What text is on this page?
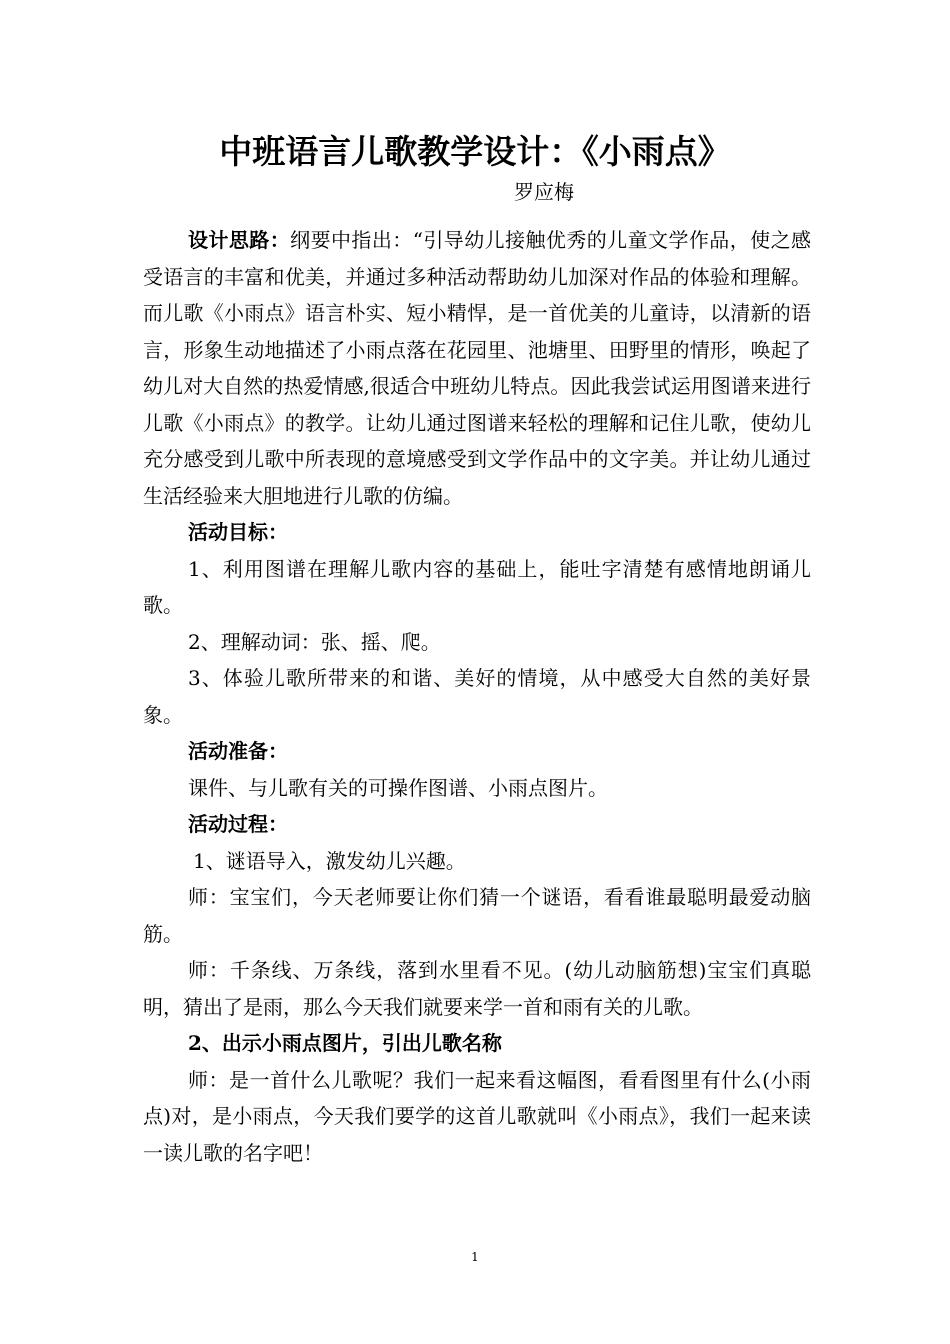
中班语言儿歌教学设计：《小雨点》
罗应梅

设计思路：纲要中指出：“引导幼儿接触优秀的儿童文学作品，使之感受语言的丰富和优美，并通过多种活动帮助幼儿加深对作品的体验和理解。而儿歌《小雨点》语言朴实、短小精悍，是一首优美的儿童诗，以清新的语言，形象生动地描述了小雨点落在花园里、池塘里、田野里的情形，唤起了幼儿对大自然的热爱情感,很适合中班幼儿特点。因此我尝试运用图谱来进行儿歌《小雨点》的教学。让幼儿通过图谱来轻松的理解和记住儿歌，使幼儿充分感受到儿歌中所表现的意境感受到文学作品中的文字美。并让幼儿通过生活经验来大胆地进行儿歌的仿编。

活动目标：

1、利用图谱在理解儿歌内容的基础上，能吐字清楚有感情地朗诵儿歌。

2、理解动词：张、摇、爬。

3、体验儿歌所带来的和谐、美好的情境，从中感受大自然的美好景象。

活动准备：

课件、与儿歌有关的可操作图谱、小雨点图片。

活动过程：

1、谜语导入，激发幼儿兴趣。

师：宝宝们，今天老师要让你们猜一个谜语，看看谁最聪明最爱动脑筋。

师：千条线、万条线，落到水里看不见。(幼儿动脑筋想)宝宝们真聪明，猜出了是雨，那么今天我们就要来学一首和雨有关的儿歌。

2、出示小雨点图片，引出儿歌名称

师：是一首什么儿歌呢？我们一起来看这幅图，看看图里有什么(小雨点)对，是小雨点，今天我们要学的这首儿歌就叫《小雨点》，我们一起来读一读儿歌的名字吧！

1
